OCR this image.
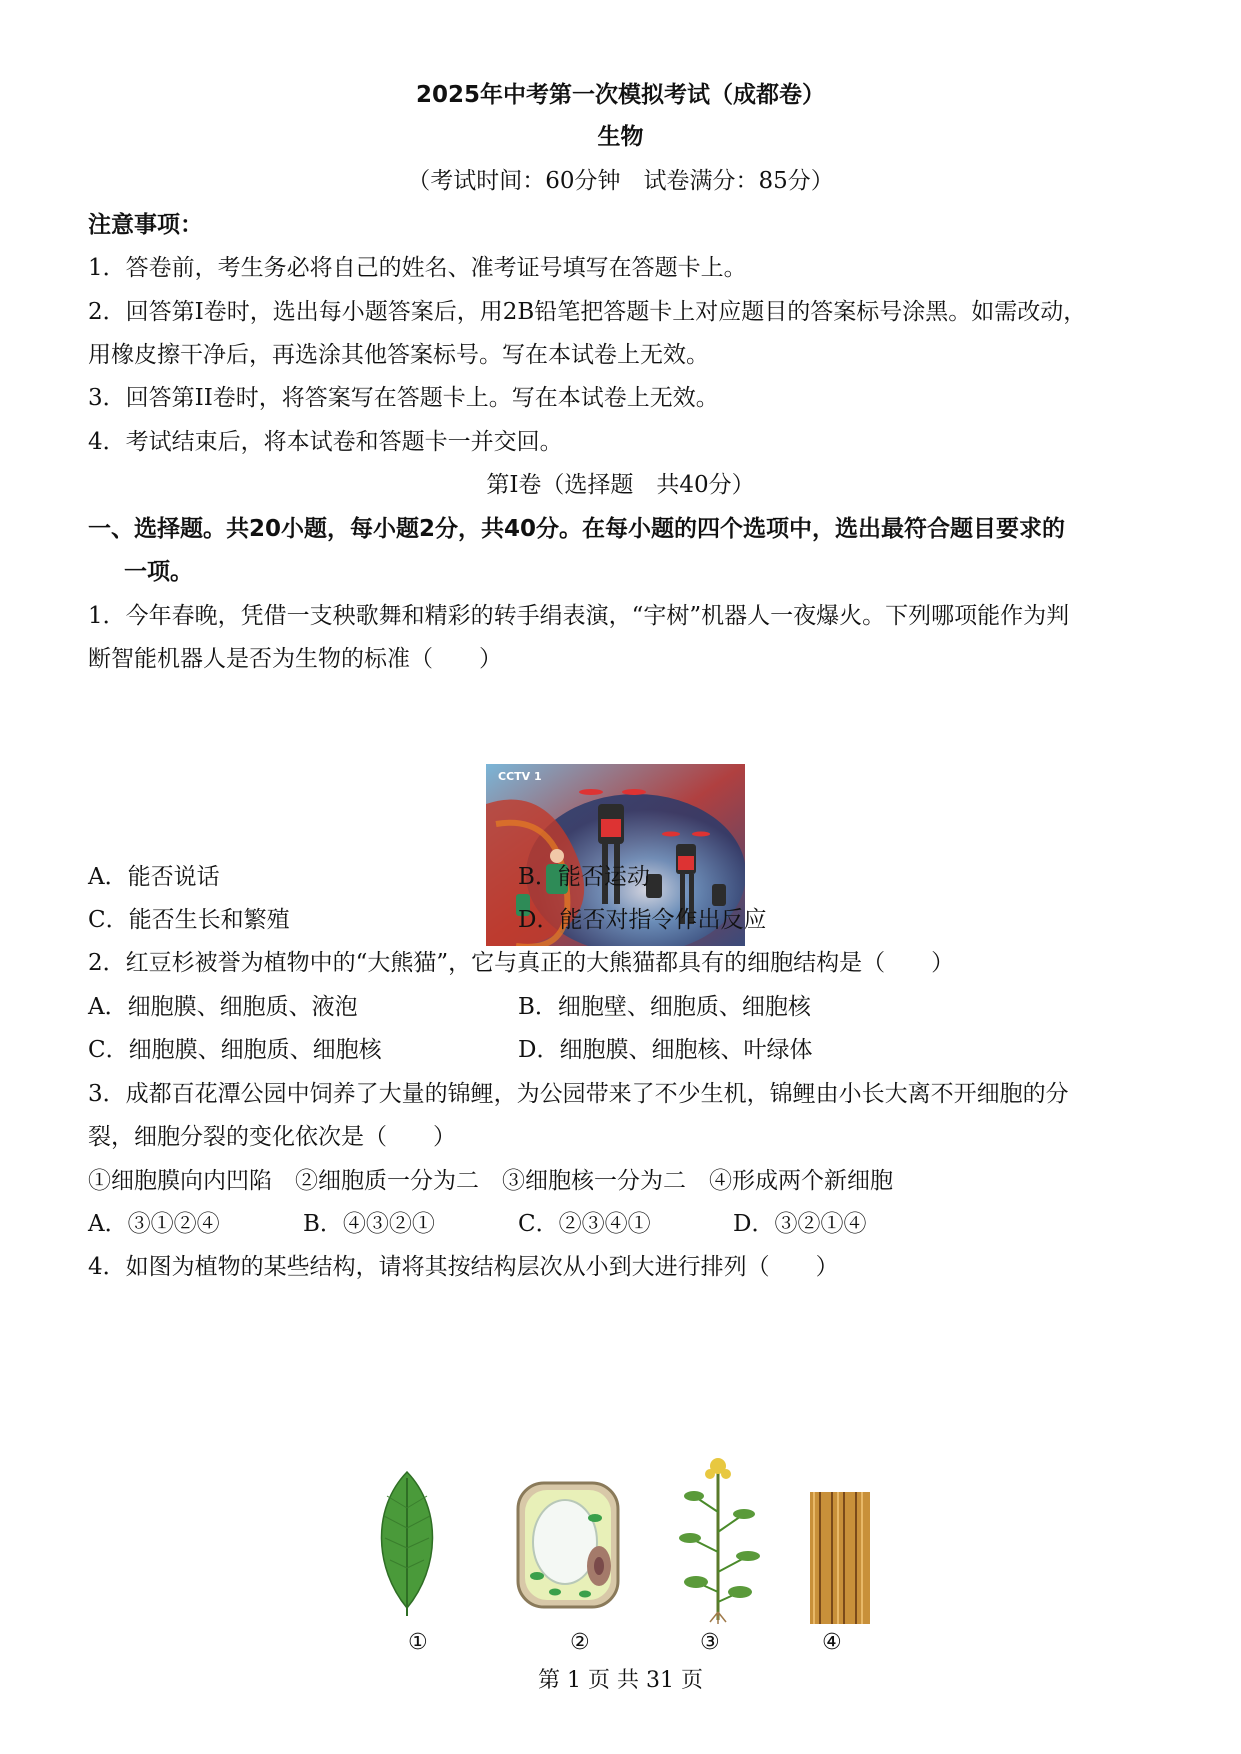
2025年中考第一次模拟考试（成都卷）
生物
（考试时间：60分钟　试卷满分：85分）
注意事项：
1．答卷前，考生务必将自己的姓名、准考证号填写在答题卡上。
2．回答第I卷时，选出每小题答案后，用2B铅笔把答题卡上对应题目的答案标号涂黑。如需改动，
用橡皮擦干净后，再选涂其他答案标号。写在本试卷上无效。
3．回答第II卷时，将答案写在答题卡上。写在本试卷上无效。
4．考试结束后，将本试卷和答题卡一并交回。
第I卷（选择题　共40分）
一、选择题。共20小题，每小题2分，共40分。在每小题的四个选项中，选出最符合题目要求的
一项。
1．今年春晚，凭借一支秧歌舞和精彩的转手绢表演，“宇树”机器人一夜爆火。下列哪项能作为判
断智能机器人是否为生物的标准（　　）
CCTV 1
A．能否说话	B．能否运动
C．能否生长和繁殖	D．能否对指令作出反应
2．红豆杉被誉为植物中的“大熊猫”，它与真正的大熊猫都具有的细胞结构是（　　）
A．细胞膜、细胞质、液泡	B．细胞壁、细胞质、细胞核
C．细胞膜、细胞质、细胞核	D．细胞膜、细胞核、叶绿体
3．成都百花潭公园中饲养了大量的锦鲤，为公园带来了不少生机，锦鲤由小长大离不开细胞的分
裂，细胞分裂的变化依次是（　　）
①细胞膜向内凹陷　②细胞质一分为二　③细胞核一分为二　④形成两个新细胞
A．③①②④	B．④③②①	C．②③④①	D．③②①④
4．如图为植物的某些结构，请将其按结构层次从小到大进行排列（　　）
①	②	③	④
第 1 页 共 31 页
